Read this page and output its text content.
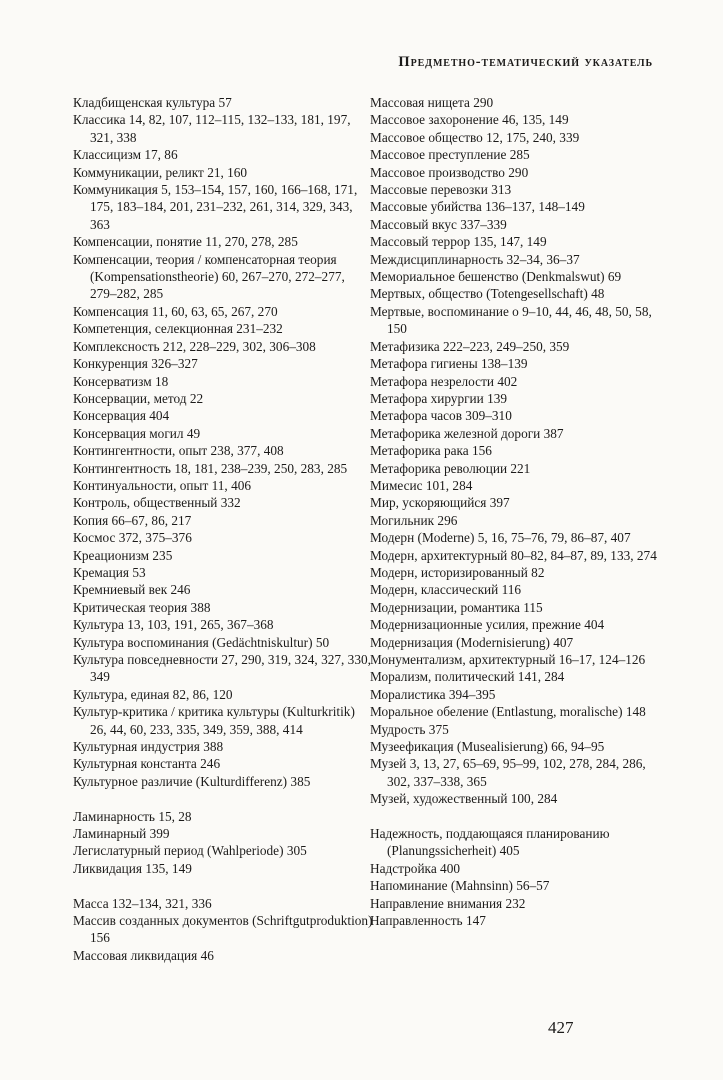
Предметно-тематический указатель
Кладбищенская культура 57
Классика 14, 82, 107, 112–115, 132–133, 181, 197, 321, 338
Классицизм 17, 86
Коммуникации, реликт 21, 160
Коммуникация 5, 153–154, 157, 160, 166–168, 171, 175, 183–184, 201, 231–232, 261, 314, 329, 343, 363
Компенсации, понятие 11, 270, 278, 285
Компенсации, теория / компенсаторная теория (Kompensationstheorie) 60, 267–270, 272–277, 279–282, 285
Компенсация 11, 60, 63, 65, 267, 270
Компетенция, селекционная 231–232
Комплексность 212, 228–229, 302, 306–308
Конкуренция 326–327
Консерватизм 18
Консервации, метод 22
Консервация 404
Консервация могил 49
Контингентности, опыт 238, 377, 408
Контингентность 18, 181, 238–239, 250, 283, 285
Континуальности, опыт 11, 406
Контроль, общественный 332
Копия 66–67, 86, 217
Космос 372, 375–376
Креационизм 235
Кремация 53
Кремниевый век 246
Критическая теория 388
Культура 13, 103, 191, 265, 367–368
Культура воспоминания (Gedächtniskultur) 50
Культура повседневности 27, 290, 319, 324, 327, 330, 349
Культура, единая 82, 86, 120
Культур-критика / критика культуры (Kulturkritik) 26, 44, 60, 233, 335, 349, 359, 388, 414
Культурная индустрия 388
Культурная константа 246
Культурное различие (Kulturdifferenz) 385
Ламинарность 15, 28
Ламинарный 399
Легислатурный период (Wahlperiode) 305
Ликвидация 135, 149
Масса 132–134, 321, 336
Массив созданных документов (Schriftgutproduktion) 156
Массовая ликвидация 46
Массовая нищета 290
Массовое захоронение 46, 135, 149
Массовое общество 12, 175, 240, 339
Массовое преступление 285
Массовое производство 290
Массовые перевозки 313
Массовые убийства 136–137, 148–149
Массовый вкус 337–339
Массовый террор 135, 147, 149
Междисциплинарность 32–34, 36–37
Мемориальное бешенство (Denkmalswut) 69
Мертвых, общество (Totengesellschaft) 48
Мертвые, воспоминание о 9–10, 44, 46, 48, 50, 58, 150
Метафизика 222–223, 249–250, 359
Метафора гигиены 138–139
Метафора незрелости 402
Метафора хирургии 139
Метафора часов 309–310
Метафорика железной дороги 387
Метафорика рака 156
Метафорика революции 221
Мимесис 101, 284
Мир, ускоряющийся 397
Могильник 296
Модерн (Moderne) 5, 16, 75–76, 79, 86–87, 407
Модерн, архитектурный 80–82, 84–87, 89, 133, 274
Модерн, историзированный 82
Модерн, классический 116
Модернизации, романтика 115
Модернизационные усилия, прежние 404
Модернизация (Modernisierung) 407
Монументализм, архитектурный 16–17, 124–126
Морализм, политический 141, 284
Моралистика 394–395
Моральное обеление (Entlastung, moralische) 148
Мудрость 375
Музеефикация (Musealisierung) 66, 94–95
Музей 3, 13, 27, 65–69, 95–99, 102, 278, 284, 286, 302, 337–338, 365
Музей, художественный 100, 284
Надежность, поддающаяся планированию (Planungssicherheit) 405
Надстройка 400
Напоминание (Mahnsinn) 56–57
Направление внимания 232
Направленность 147
427
